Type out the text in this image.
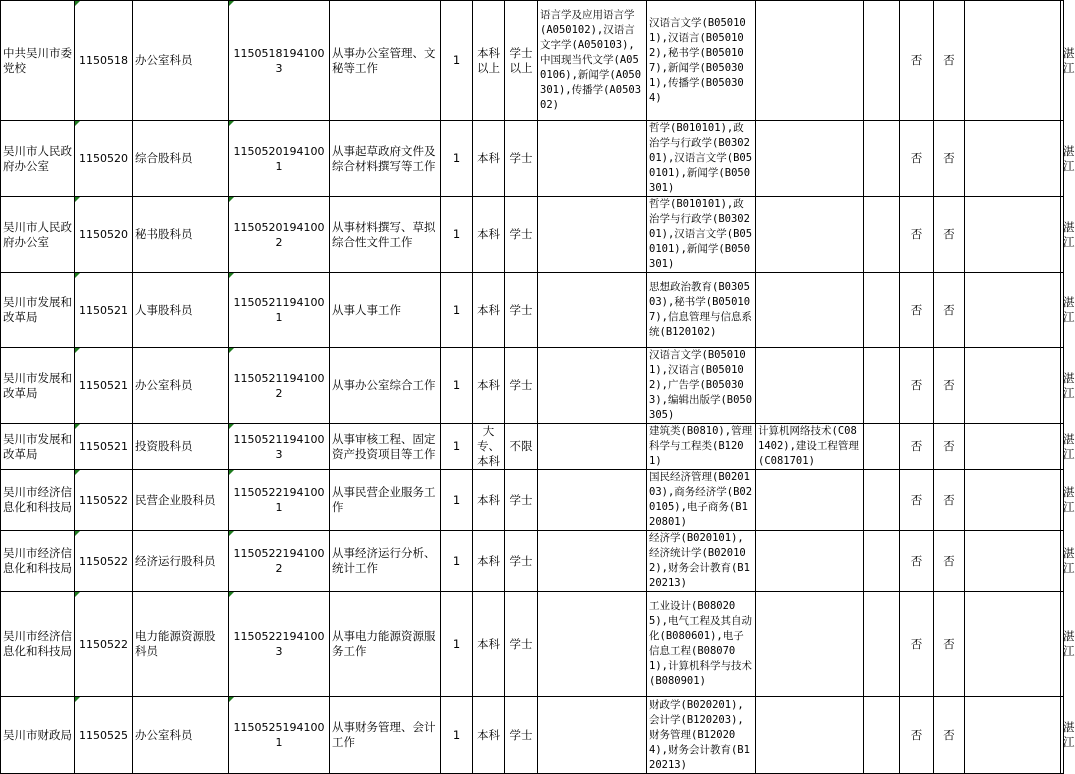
中共吴川市委党校	1150518	办公室科员	11505181941003	从事办公室管理、文秘等工作	1	本科以上	学士以上	语言学及应用语言学(A050102),汉语言文字学(A050103),中国现当代文学(A050106),新闻学(A050301),传播学(A050302)	汉语言文学(B050101),汉语言(B050102),秘书学(B050107),新闻学(B050301),传播学(B050304)			否	否		湛江
吴川市人民政府办公室	1150520	综合股科员	11505201941001	从事起草政府文件及综合材料撰写等工作	1	本科	学士		哲学(B010101),政治学与行政学(B030201),汉语言文学(B050101),新闻学(B050301)			否	否		湛江
吴川市人民政府办公室	1150520	秘书股科员	11505201941002	从事材料撰写、草拟综合性文件工作	1	本科	学士		哲学(B010101),政治学与行政学(B030201),汉语言文学(B050101),新闻学(B050301)			否	否		湛江
吴川市发展和改革局	1150521	人事股科员	11505211941001	从事人事工作	1	本科	学士		思想政治教育(B030503),秘书学(B050107),信息管理与信息系统(B120102)			否	否		湛江
吴川市发展和改革局	1150521	办公室科员	11505211941002	从事办公室综合工作	1	本科	学士		汉语言文学(B050101),汉语言(B050102),广告学(B050303),编辑出版学(B050305)			否	否		湛江
吴川市发展和改革局	1150521	投资股科员	11505211941003	从事审核工程、固定资产投资项目等工作	1	大专、本科	不限		建筑类(B0810),管理科学与工程类(B1201)	计算机网络技术(C081402),建设工程管理(C081701)		否	否		湛江
吴川市经济信息化和科技局	1150522	民营企业股科员	11505221941001	从事民营企业服务工作	1	本科	学士		国民经济管理(B020103),商务经济学(B020105),电子商务(B120801)			否	否		湛江
吴川市经济信息化和科技局	1150522	经济运行股科员	11505221941002	从事经济运行分析、统计工作	1	本科	学士		经济学(B020101),经济统计学(B020102),财务会计教育(B120213)			否	否		湛江
吴川市经济信息化和科技局	1150522	电力能源资源股科员	11505221941003	从事电力能源资源服务工作	1	本科	学士		工业设计(B080205),电气工程及其自动化(B080601),电子信息工程(B080701),计算机科学与技术(B080901)			否	否		湛江
吴川市财政局	1150525	办公室科员	11505251941001	从事财务管理、会计工作	1	本科	学士		财政学(B020201),会计学(B120203),财务管理(B120204),财务会计教育(B120213)			否	否		湛江
